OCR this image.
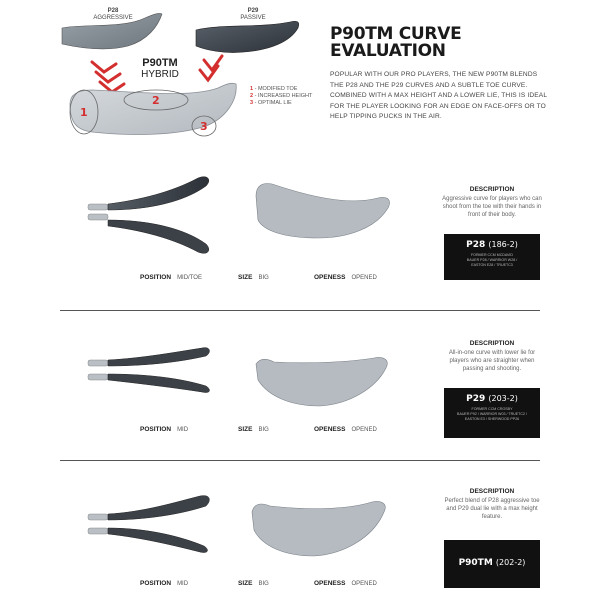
P28
AGGRESSIVE
P29
PASSIVE
1
2
3
P90TM
HYBRID
1 - MODIFIED TOE
2 - INCREASED HEIGHT
3 - OPTIMAL LIE
P90TM CURVE
EVALUATION
POPULAR WITH OUR PRO PLAYERS, THE NEW P90TM BLENDS THE P28 AND THE P29 CURVES AND A SUBTLE TOE CURVE. COMBINED WITH A MAX HEIGHT AND A LOWER LIE, THIS IS IDEAL FOR THE PLAYER LOOKING FOR AN EDGE ON FACE-OFFS OR TO HELP TIPPING PUCKS IN THE AIR.
POSITION MID/TOE	SIZE BIG	OPENESS OPENED
DESCRIPTION
Aggressive curve for players who can shoot from the toe with their hands in front of their body.
P28 (186-2)
FORMER CCM MCDAVID
BAUER P28 / WARRIOR W28 /
EASTON E28 / TRUETC3
POSITION MID	SIZE BIG	OPENESS OPENED
DESCRIPTION
All-in-one curve with lower lie for players who are straighter when passing and shooting.
P29 (203-2)
FORMER CCM CROSBY
BAUER P92 / WARRIOR W03 / TRUETC2 /
EASTON E3 / SHERWOOD PP26
POSITION MID	SIZE BIG	OPENESS OPENED
DESCRIPTION
Perfect blend of P28 aggressive toe and P29 dual lie with a max height feature.
P90TM (202-2)
